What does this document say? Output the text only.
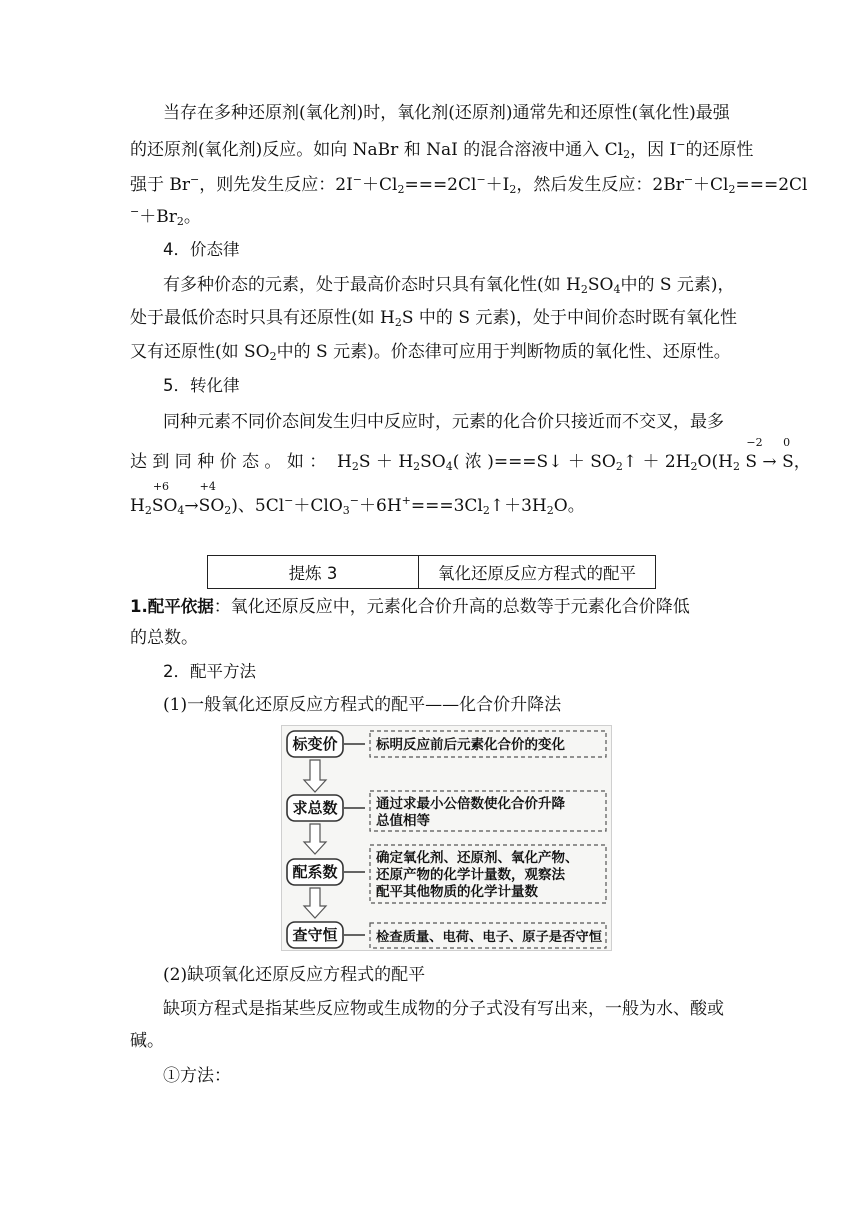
当存在多种还原剂(氧化剂)时，氧化剂(还原剂)通常先和还原性(氧化性)最强
的还原剂(氧化剂)反应。如向 NaBr 和 NaI 的混合溶液中通入 $Cl_2$，因 I−的还原性
强于 Br−，则先发生反应：$2I^-+Cl_2===2Cl^-+I_2$，然后发生反应：$2Br^-+Cl_2===2Cl$
$^-+Br_2$。
4．价态律
有多种价态的元素，处于最高价态时只具有氧化性(如 $H_2SO_4$中的 S 元素)，
处于最低价态时只具有还原性(如 $H_2S$ 中的 S 元素)，处于中间价态时既有氧化性
又有还原性(如 $SO_2$中的 S 元素)。价态律可应用于判断物质的氧化性、还原性。
5．转化律
同种元素不同价态间发生归中反应时，元素的化合价只接近而不交叉，最多
达 到 同 种 价 态 。 如 ： $H_2S + H_2SO_4$( 浓 )===S↓ ＋ $SO_2↑ + 2H_2O(H_2$
−2
S →
0
S，
$H_2$
+6
$SO_4\to$
+4
$SO_2$)、$5Cl^-+ClO_3^-+6H^+===3Cl_2↑+3H_2O$。
提炼 3	氧化还原反应方程式的配平
1.配平依据：氧化还原反应中，元素化合价升高的总数等于元素化合价降低
的总数。
2．配平方法
(1)一般氧化还原反应方程式的配平——化合价升降法
标变价	标明反应前后元素化合价的变化
求总数	通过求最小公倍数使化合价升降
总值相等
配系数
确定氧化剂、还原剂、氧化产物、
还原产物的化学计量数，观察法
配平其他物质的化学计量数
查守恒	检查质量、电荷、电子、原子是否守恒
(2)缺项氧化还原反应方程式的配平
缺项方程式是指某些反应物或生成物的分子式没有写出来，一般为水、酸或
碱。
①方法：
